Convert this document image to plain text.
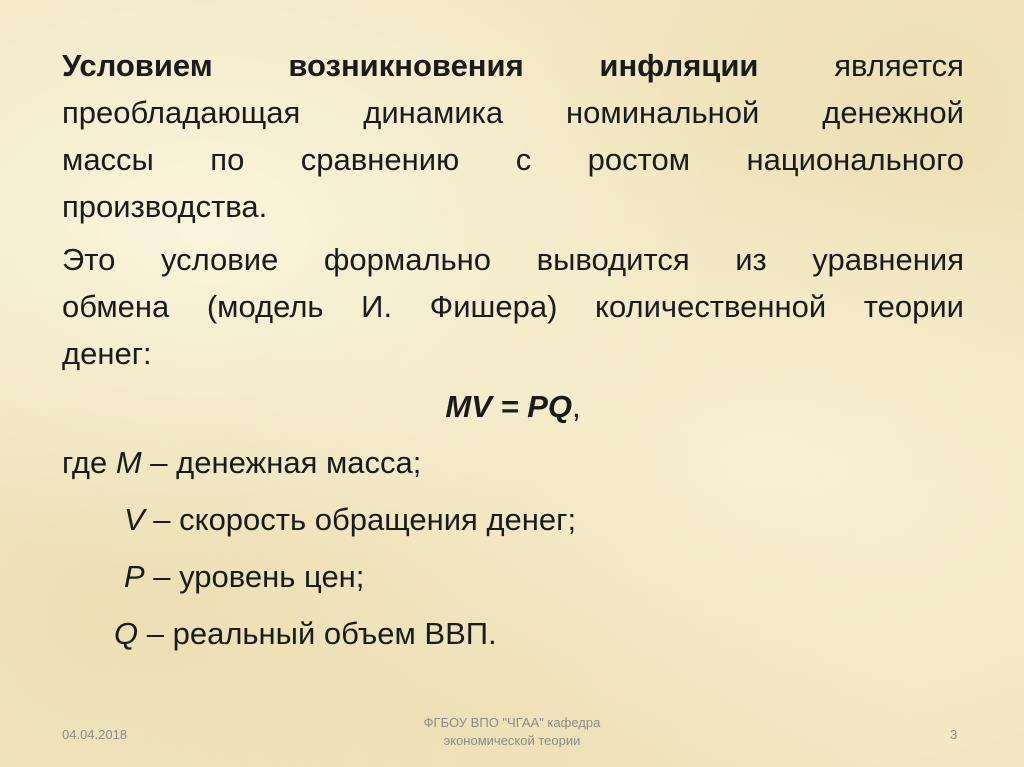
Условием возникновения инфляции является
преобладающая динамика номинальной денежной
массы по сравнению с ростом национального
производства.
Это условие формально выводится из уравнения
обмена (модель И. Фишера) количественной теории
денег:
MV = PQ,
где M – денежная масса;
V – скорость обращения денег;
P – уровень цен;
Q – реальный объем ВВП.
04.04.2018
ФГБОУ ВПО "ЧГАА" кафедра
экономической теории	3
